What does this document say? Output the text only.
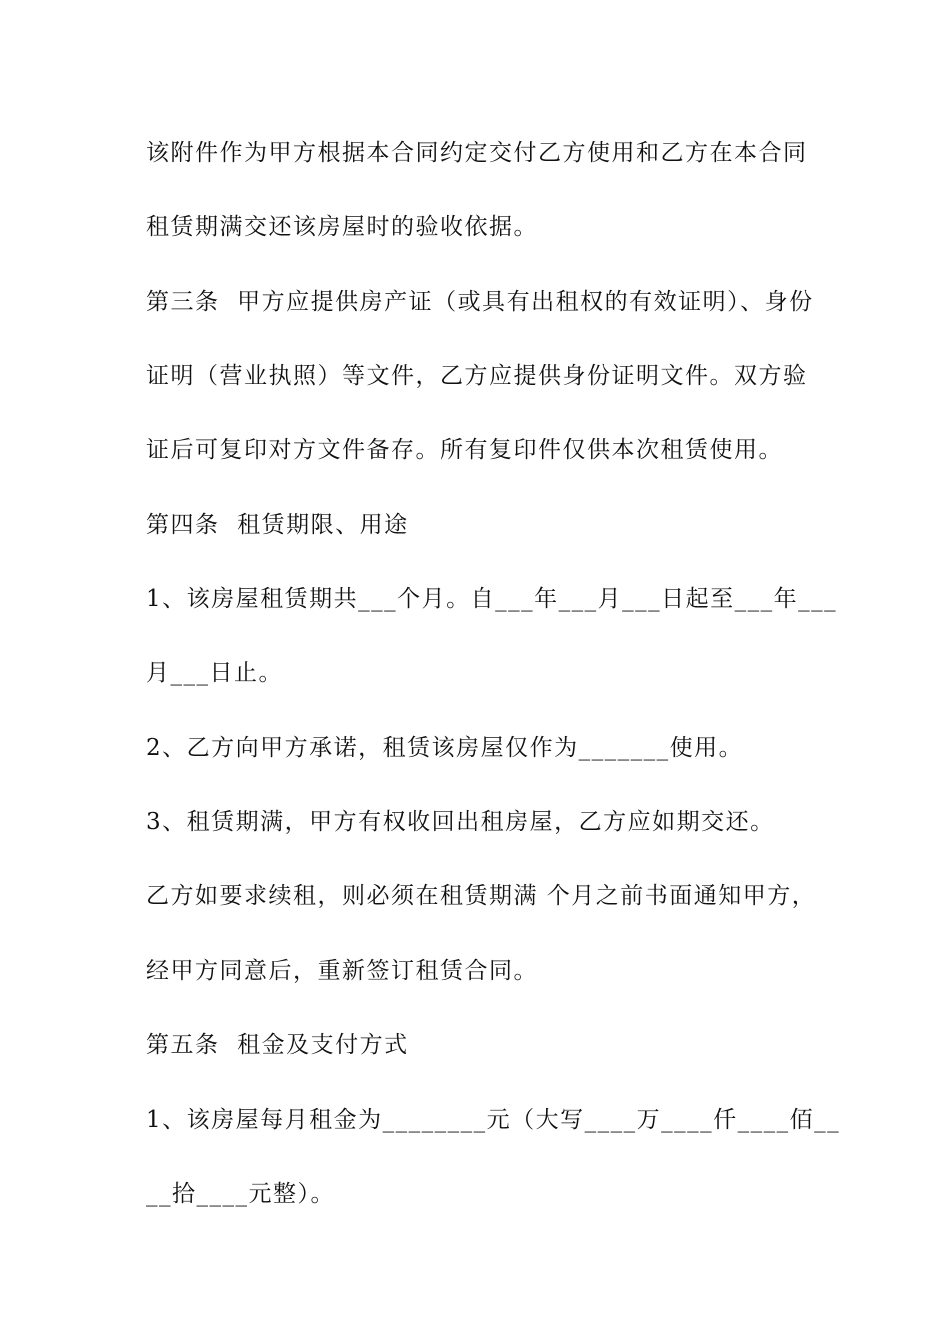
该附件作为甲方根据本合同约定交付乙方使用和乙方在本合同
租赁期满交还该房屋时的验收依据。
第三条  甲方应提供房产证（或具有出租权的有效证明）、身份
证明（营业执照）等文件，乙方应提供身份证明文件。双方验
证后可复印对方文件备存。所有复印件仅供本次租赁使用。
第四条  租赁期限、用途
1、该房屋租赁期共___个月。自___年___月___日起至___年___
月___日止。
2、乙方向甲方承诺，租赁该房屋仅作为_______使用。
3、租赁期满，甲方有权收回出租房屋，乙方应如期交还。
乙方如要求续租，则必须在租赁期满 个月之前书面通知甲方，
经甲方同意后，重新签订租赁合同。
第五条  租金及支付方式
1、该房屋每月租金为________元（大写____万____仟____佰__
__拾____元整）。
